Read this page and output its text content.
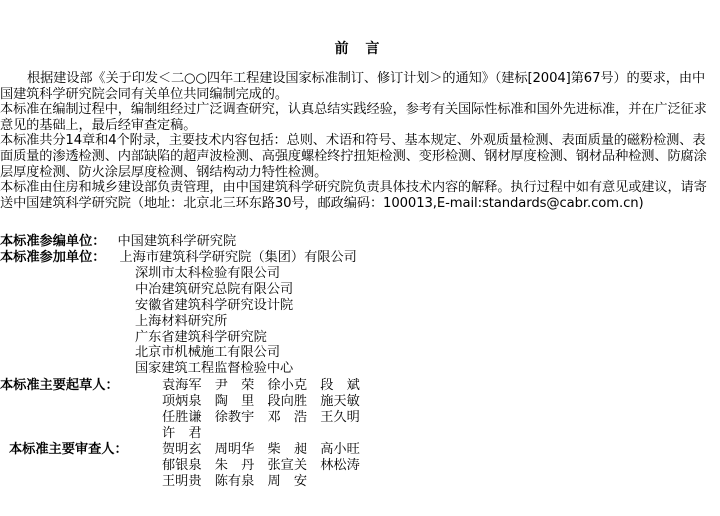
前 言

根据建设部《关于印发＜二○○四年工程建设国家标准制订、修订计划＞的通知》（建标[2004]第67号）的要求，由中国建筑科学研究院会同有关单位共同编制完成的。

本标准在编制过程中，编制组经过广泛调查研究，认真总结实践经验，参考有关国际性标准和国外先进标准，并在广泛征求意见的基础上，最后经审查定稿。

本标准共分14章和4个附录，主要技术内容包括：总则、术语和符号、基本规定、外观质量检测、表面质量的磁粉检测、表面质量的渗透检测、内部缺陷的超声波检测、高强度螺栓终拧扭矩检测、变形检测、钢材厚度检测、钢材品种检测、防腐涂层厚度检测、防火涂层厚度检测、钢结构动力特性检测。

本标准由住房和城乡建设部负责管理，由中国建筑科学研究院负责具体技术内容的解释。执行过程中如有意见或建议，请寄送中国建筑科学研究院（地址：北京北三环东路30号，邮政编码：100013,E-mail:standards@cabr.com.cn)

本标准参编单位： 中国建筑科学研究院
本标准参加单位： 上海市建筑科学研究院（集团）有限公司
深圳市太科检验有限公司
中冶建筑研究总院有限公司
安徽省建筑科学研究设计院
上海材料研究所
广东省建筑科学研究院
北京市机械施工有限公司
国家建筑工程监督检验中心
本标准主要起草人：	袁海军　尹　荣　徐小克　段　斌
项炳泉　陶　里　段向胜　施天敏
任胜谦　徐教宇　邓　浩　王久明
许　君
本标准主要审查人：	贺明玄　周明华　柴　昶　高小旺
郁银泉　朱　丹　张宣关　林松涛
王明贵　陈有泉　周　安
